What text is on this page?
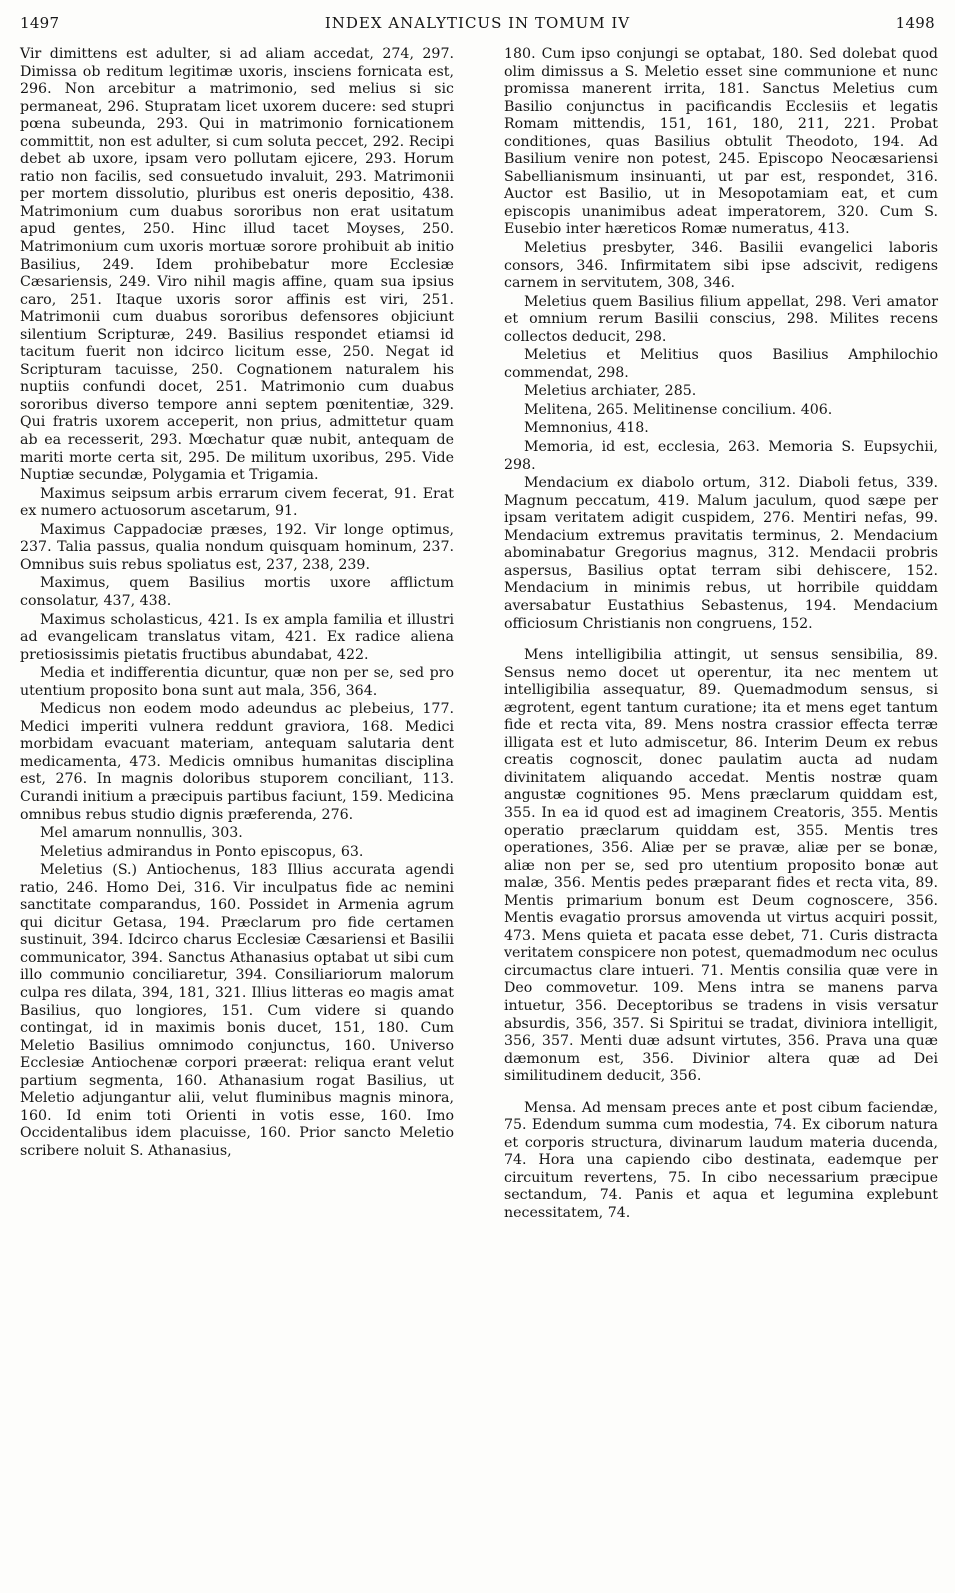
1497	INDEX ANALYTICUS IN TOMUM IV	1498

Vir dimittens est adulter, si ad aliam accedat, 274, 297. Dimissa ob reditum legitimæ uxoris, insciens fornicata est, 296. Non arcebitur a matrimonio, sed melius si sic permaneat, 296. Stupratam licet uxorem ducere: sed stupri pœna subeunda, 293. Qui in matrimonio fornicationem committit, non est adulter, si cum soluta peccet, 292. Recipi debet ab uxore, ipsam vero pollutam ejicere, 293. Horum ratio non facilis, sed consuetudo invaluit, 293. Matrimonii per mortem dissolutio, pluribus est oneris depositio, 438. Matrimonium cum duabus sororibus non erat usitatum apud gentes, 250. Hinc illud tacet Moyses, 250. Matrimonium cum uxoris mortuæ sorore prohibuit ab initio Basilius, 249. Idem prohibebatur more Ecclesiæ Cæsariensis, 249. Viro nihil magis affine, quam sua ipsius caro, 251. Itaque uxoris soror affinis est viri, 251. Matrimonii cum duabus sororibus defensores objiciunt silentium Scripturæ, 249. Basilius respondet etiamsi id tacitum fuerit non idcirco licitum esse, 250. Negat id Scripturam tacuisse, 250. Cognationem naturalem his nuptiis confundi docet, 251. Matrimonio cum duabus sororibus diverso tempore anni septem pœnitentiæ, 329. Qui fratris uxorem acceperit, non prius, admittetur quam ab ea recesserit, 293. Mœchatur quæ nubit, antequam de mariti morte certa sit, 295. De militum uxoribus, 295. Vide Nuptiæ secundæ, Polygamia et Trigamia.

Maximus seipsum arbis errarum civem fecerat, 91. Erat ex numero actuosorum ascetarum, 91.

Maximus Cappadociæ præses, 192. Vir longe optimus, 237. Talia passus, qualia nondum quisquam hominum, 237. Omnibus suis rebus spoliatus est, 237, 238, 239.

Maximus, quem Basilius mortis uxore afflictum consolatur, 437, 438.

Maximus scholasticus, 421. Is ex ampla familia et illustri ad evangelicam translatus vitam, 421. Ex radice aliena pretiosissimis pietatis fructibus abundabat, 422.

Media et indifferentia dicuntur, quæ non per se, sed pro utentium proposito bona sunt aut mala, 356, 364.

Medicus non eodem modo adeundus ac plebeius, 177. Medici imperiti vulnera reddunt graviora, 168. Medici morbidam evacuant materiam, antequam salutaria dent medicamenta, 473. Medicis omnibus humanitas disciplina est, 276. In magnis doloribus stuporem conciliant, 113. Curandi initium a præcipuis partibus faciunt, 159. Medicina omnibus rebus studio dignis præferenda, 276.

Mel amarum nonnullis, 303.

Meletius admirandus in Ponto episcopus, 63.

Meletius (S.) Antiochenus, 183 Illius accurata agendi ratio, 246. Homo Dei, 316. Vir inculpatus fide ac nemini sanctitate comparandus, 160. Possidet in Armenia agrum qui dicitur Getasa, 194. Præclarum pro fide certamen sustinuit, 394. Idcirco charus Ecclesiæ Cæsariensi et Basilii communicator, 394. Sanctus Athanasius optabat ut sibi cum illo communio conciliaretur, 394. Consiliariorum malorum culpa res dilata, 394, 181, 321. Illius litteras eo magis amat Basilius, quo longiores, 151. Cum videre si quando contingat, id in maximis bonis ducet, 151, 180. Cum Meletio Basilius omnimodo conjunctus, 160. Universo Ecclesiæ Antiochenæ corpori præerat: reliqua erant velut partium segmenta, 160. Athanasium rogat Basilius, ut Meletio adjungantur alii, velut fluminibus magnis minora, 160. Id enim toti Orienti in votis esse, 160. Imo Occidentalibus idem placuisse, 160. Prior sancto Meletio scribere noluit S. Athanasius,

180. Cum ipso conjungi se optabat, 180. Sed dolebat quod olim dimissus a S. Meletio esset sine communione et nunc promissa manerent irrita, 181. Sanctus Meletius cum Basilio conjunctus in pacificandis Ecclesiis et legatis Romam mittendis, 151, 161, 180, 211, 221. Probat conditiones, quas Basilius obtulit Theodoto, 194. Ad Basilium venire non potest, 245. Episcopo Neocæsariensi Sabellianismum insinuanti, ut par est, respondet, 316. Auctor est Basilio, ut in Mesopotamiam eat, et cum episcopis unanimibus adeat imperatorem, 320. Cum S. Eusebio inter hæreticos Romæ numeratus, 413.

Meletius presbyter, 346. Basilii evangelici laboris consors, 346. Infirmitatem sibi ipse adscivit, redigens carnem in servitutem, 308, 346.

Meletius quem Basilius filium appellat, 298. Veri amator et omnium rerum Basilii conscius, 298. Milites recens collectos deducit, 298.

Meletius et Melitius quos Basilius Amphilochio commendat, 298.

Meletius archiater, 285.

Melitena, 265. Melitinense concilium. 406.

Memnonius, 418.

Memoria, id est, ecclesia, 263. Memoria S. Eupsychii, 298.

Mendacium ex diabolo ortum, 312. Diaboli fetus, 339. Magnum peccatum, 419. Malum jaculum, quod sæpe per ipsam veritatem adigit cuspidem, 276. Mentiri nefas, 99. Mendacium extremus pravitatis terminus, 2. Mendacium abominabatur Gregorius magnus, 312. Mendacii probris aspersus, Basilius optat terram sibi dehiscere, 152. Mendacium in minimis rebus, ut horribile quiddam aversabatur Eustathius Sebastenus, 194. Mendacium officiosum Christianis non congruens, 152.

Mens intelligibilia attingit, ut sensus sensibilia, 89. Sensus nemo docet ut operentur, ita nec mentem ut intelligibilia assequatur, 89. Quemadmodum sensus, si ægrotent, egent tantum curatione; ita et mens eget tantum fide et recta vita, 89. Mens nostra crassior effecta terræ illigata est et luto admiscetur, 86. Interim Deum ex rebus creatis cognoscit, donec paulatim aucta ad nudam divinitatem aliquando accedat. Mentis nostræ quam angustæ cognitiones 95. Mens præclarum quiddam est, 355. In ea id quod est ad imaginem Creatoris, 355. Mentis operatio præclarum quiddam est, 355. Mentis tres operationes, 356. Aliæ per se pravæ, aliæ per se bonæ, aliæ non per se, sed pro utentium proposito bonæ aut malæ, 356. Mentis pedes præparant fides et recta vita, 89. Mentis primarium bonum est Deum cognoscere, 356. Mentis evagatio prorsus amovenda ut virtus acquiri possit, 473. Mens quieta et pacata esse debet, 71. Curis distracta veritatem conspicere non potest, quemadmodum nec oculus circumactus clare intueri. 71. Mentis consilia quæ vere in Deo commovetur. 109. Mens intra se manens parva intuetur, 356. Deceptoribus se tradens in visis versatur absurdis, 356, 357. Si Spiritui se tradat, diviniora intelligit, 356, 357. Menti duæ adsunt virtutes, 356. Prava una quæ dæmonum est, 356. Divinior altera quæ ad Dei similitudinem deducit, 356.

Mensa. Ad mensam preces ante et post cibum faciendæ, 75. Edendum summa cum modestia, 74. Ex ciborum natura et corporis structura, divinarum laudum materia ducenda, 74. Hora una capiendo cibo destinata, eademque per circuitum revertens, 75. In cibo necessarium præcipue sectandum, 74. Panis et aqua et legumina explebunt necessitatem, 74.
